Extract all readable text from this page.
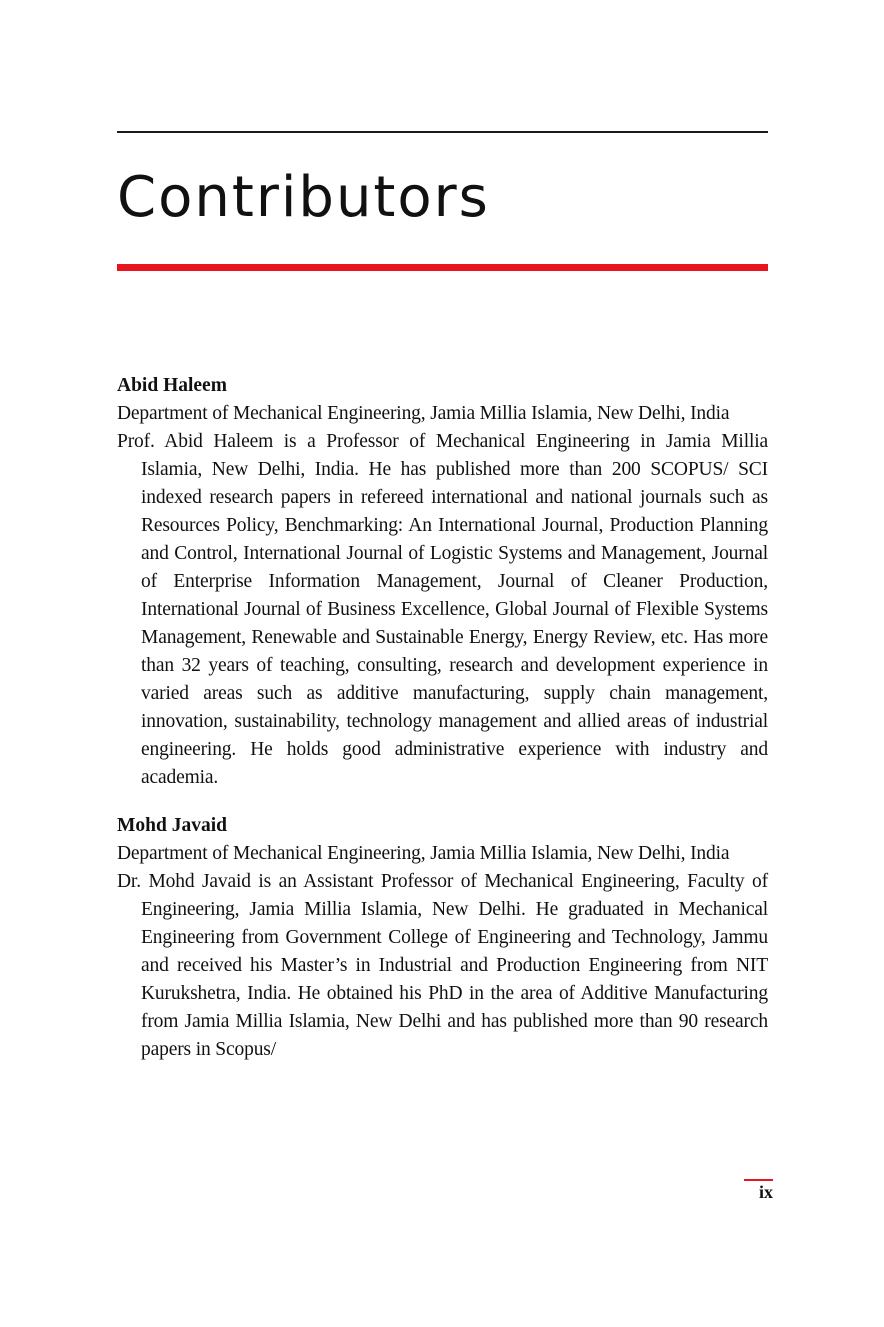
Contributors

Abid Haleem

Department of Mechanical Engineering, Jamia Millia Islamia, New Delhi, India

Prof. Abid Haleem is a Professor of Mechanical Engineering in Jamia Millia Islamia, New Delhi, India. He has published more than 200 SCOPUS/ SCI indexed research papers in refereed international and national journals such as Resources Policy, Benchmarking: An International Journal, Production Planning and Control, International Journal of Logistic Systems and Management, Journal of Enterprise Information Management, Journal of Cleaner Production, International Journal of Business Excellence, Global Journal of Flexible Systems Management, Renewable and Sustainable Energy, Energy Review, etc. Has more than 32 years of teaching, consulting, research and development experience in varied areas such as additive manufacturing, supply chain management, innovation, sustainability, technology management and allied areas of industrial engineering. He holds good administrative experience with industry and academia.

Mohd Javaid

Department of Mechanical Engineering, Jamia Millia Islamia, New Delhi, India

Dr. Mohd Javaid is an Assistant Professor of Mechanical Engineering, Faculty of Engineering, Jamia Millia Islamia, New Delhi. He graduated in Mechanical Engineering from Government College of Engineering and Technology, Jammu and received his Master’s in Industrial and Production Engineering from NIT Kurukshetra, India. He obtained his PhD in the area of Additive Manufacturing from Jamia Millia Islamia, New Delhi and has published more than 90 research papers in Scopus/

ix
